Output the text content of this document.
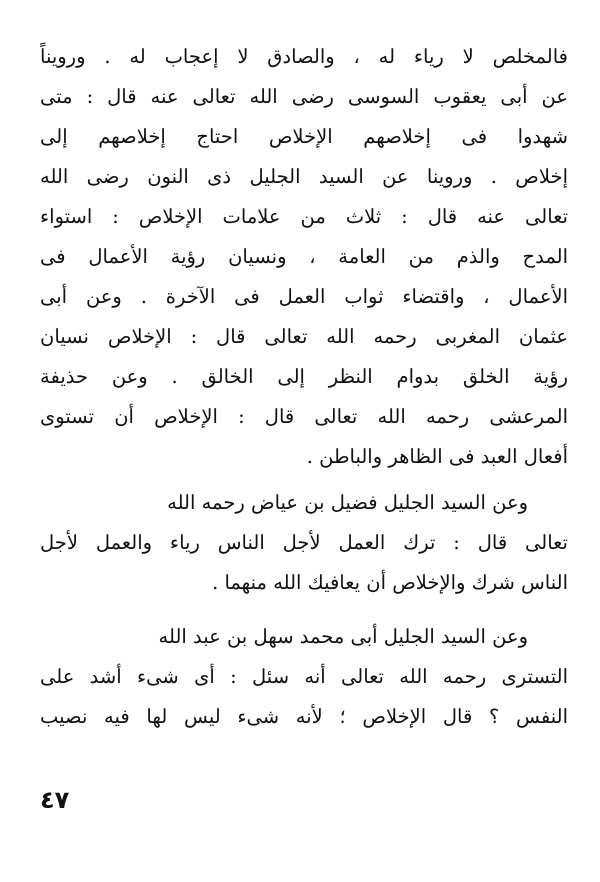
فالمخلص لا رياء له ، والصادق لا إعجاب له . ورويناً
عن أبى يعقوب السوسى رضى الله تعالى عنه قال : متى
شهدوا فى إخلاصهم الإخلاص احتاج إخلاصهم إلى
إخلاص . وروينا عن السيد الجليل ذى النون رضى الله
تعالى عنه قال : ثلاث من علامات الإخلاص : استواء
المدح والذم من العامة ، ونسيان رؤية الأعمال فى
الأعمال ، واقتضاء ثواب العمل فى الآخرة . وعن أبى
عثمان المغربى رحمه الله تعالى قال : الإخلاص نسيان
رؤية الخلق بدوام النظر إلى الخالق . وعن حذيفة
المرعشى رحمه الله تعالى قال : الإخلاص أن تستوى
أفعال العبد فى الظاهر والباطن .
وعن السيد الجليل فضيل بن عياض رحمه الله
تعالى قال : ترك العمل لأجل الناس رياء والعمل لأجل
الناس شرك والإخلاص أن يعافيك الله منهما .
وعن السيد الجليل أبى محمد سهل بن عبد الله
التسترى رحمه الله تعالى أنه سئل : أى شىء أشد على
النفس ؟ قال الإخلاص ؛ لأنه شىء ليس لها فيه نصيب
٤٧
